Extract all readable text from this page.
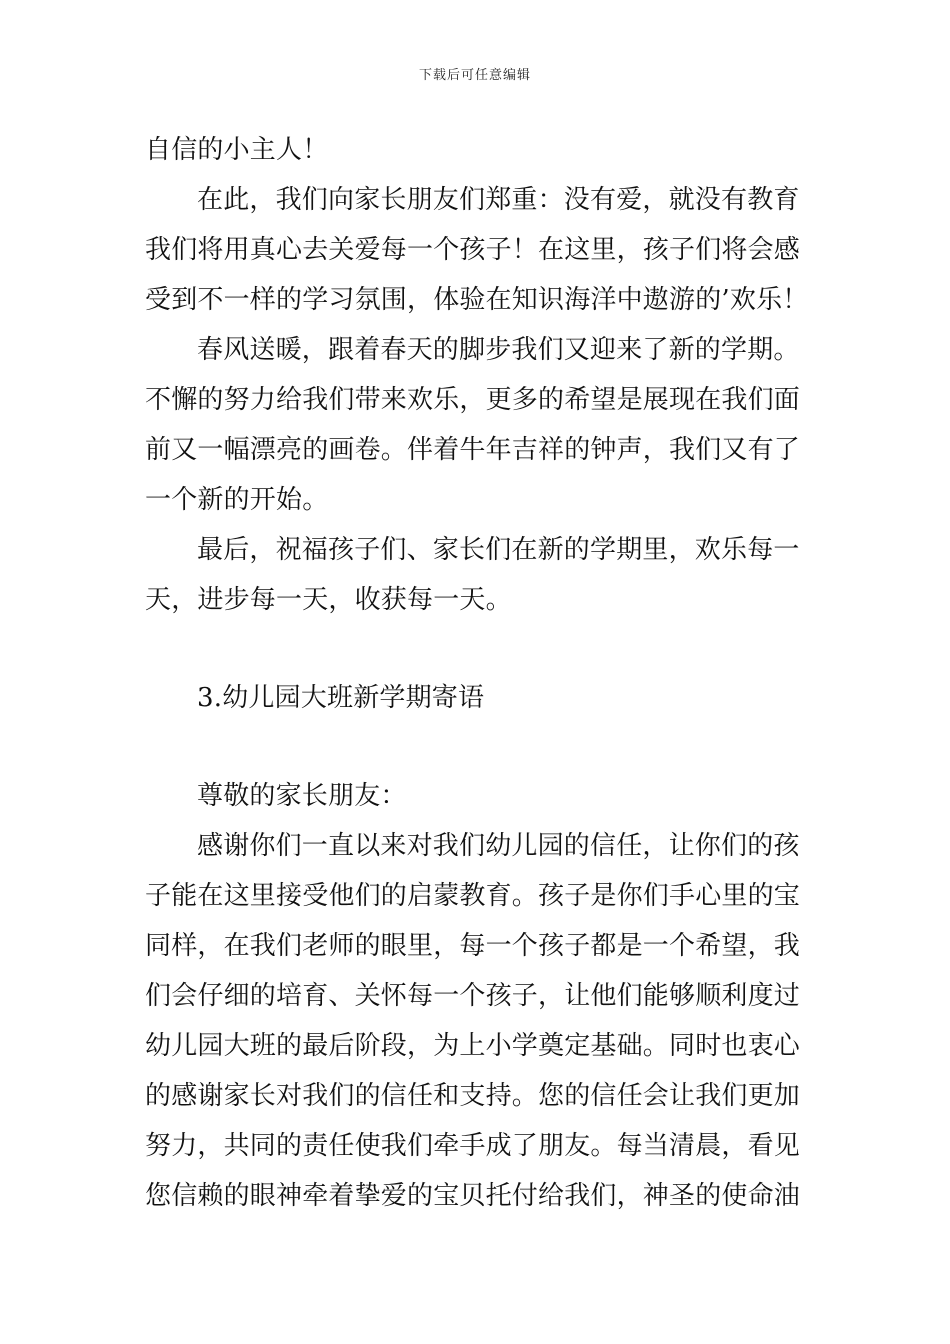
下载后可任意编辑
自信的小主人！
在此，我们向家长朋友们郑重：没有爱，就没有教育
我们将用真心去关爱每一个孩子！在这里，孩子们将会感
受到不一样的学习氛围，体验在知识海洋中遨游的’欢乐！
春风送暖，跟着春天的脚步我们又迎来了新的学期。
不懈的努力给我们带来欢乐，更多的希望是展现在我们面
前又一幅漂亮的画卷。伴着牛年吉祥的钟声，我们又有了
一个新的开始。
最后，祝福孩子们、家长们在新的学期里，欢乐每一
天，进步每一天，收获每一天。
3.幼儿园大班新学期寄语
尊敬的家长朋友：
感谢你们一直以来对我们幼儿园的信任，让你们的孩
子能在这里接受他们的启蒙教育。孩子是你们手心里的宝
同样，在我们老师的眼里，每一个孩子都是一个希望，我
们会仔细的培育、关怀每一个孩子，让他们能够顺利度过
幼儿园大班的最后阶段，为上小学奠定基础。同时也衷心
的感谢家长对我们的信任和支持。您的信任会让我们更加
努力，共同的责任使我们牵手成了朋友。每当清晨，看见
您信赖的眼神牵着挚爱的宝贝托付给我们，神圣的使命油
